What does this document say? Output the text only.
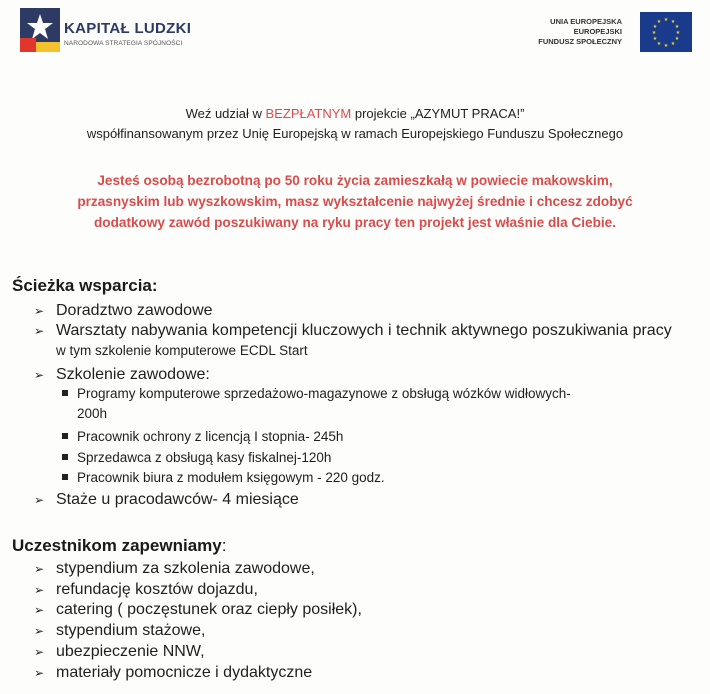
KAPITAŁ LUDZKI
NARODOWA STRATEGIA SPÓJNOŚCI
UNIA EUROPEJSKA
EUROPEJSKI
FUNDUSZ SPOŁECZNY
★ ★
★
★
★
★
★
★
★
★
★
★
Weź udział w BEZPŁATNYM projekcie „AZYMUT PRACA!”
współfinansowanym przez Unię Europejską w ramach Europejskiego Funduszu Społecznego
Jesteś osobą bezrobotną po 50 roku życia zamieszkałą w powiecie makowskim,
przasnyskim lub wyszkowskim, masz wykształcenie najwyżej średnie i chcesz zdobyć
dodatkowy zawód poszukiwany na ryku pracy ten projekt jest właśnie dla Ciebie.
Ścieżka wsparcia:
➢ Doradztwo zawodowe
➢ Warsztaty nabywania kompetencji kluczowych i technik aktywnego poszukiwania pracy
w tym szkolenie komputerowe ECDL Start
➢ Szkolenie zawodowe:
Programy komputerowe sprzedażowo-magazynowe z obsługą wózków widłowych-
200h
Pracownik ochrony z licencją I stopnia- 245h
Sprzedawca z obsługą kasy fiskalnej-120h
Pracownik biura z modułem księgowym - 220 godz.
➢ Staże u pracodawców- 4 miesiące
Uczestnikom zapewniamy:
➢ stypendium za szkolenia zawodowe,
➢ refundację kosztów dojazdu,
➢ catering ( poczęstunek oraz ciepły posiłek),
➢ stypendium stażowe,
➢ ubezpieczenie NNW,
➢ materiały pomocnicze i dydaktyczne
